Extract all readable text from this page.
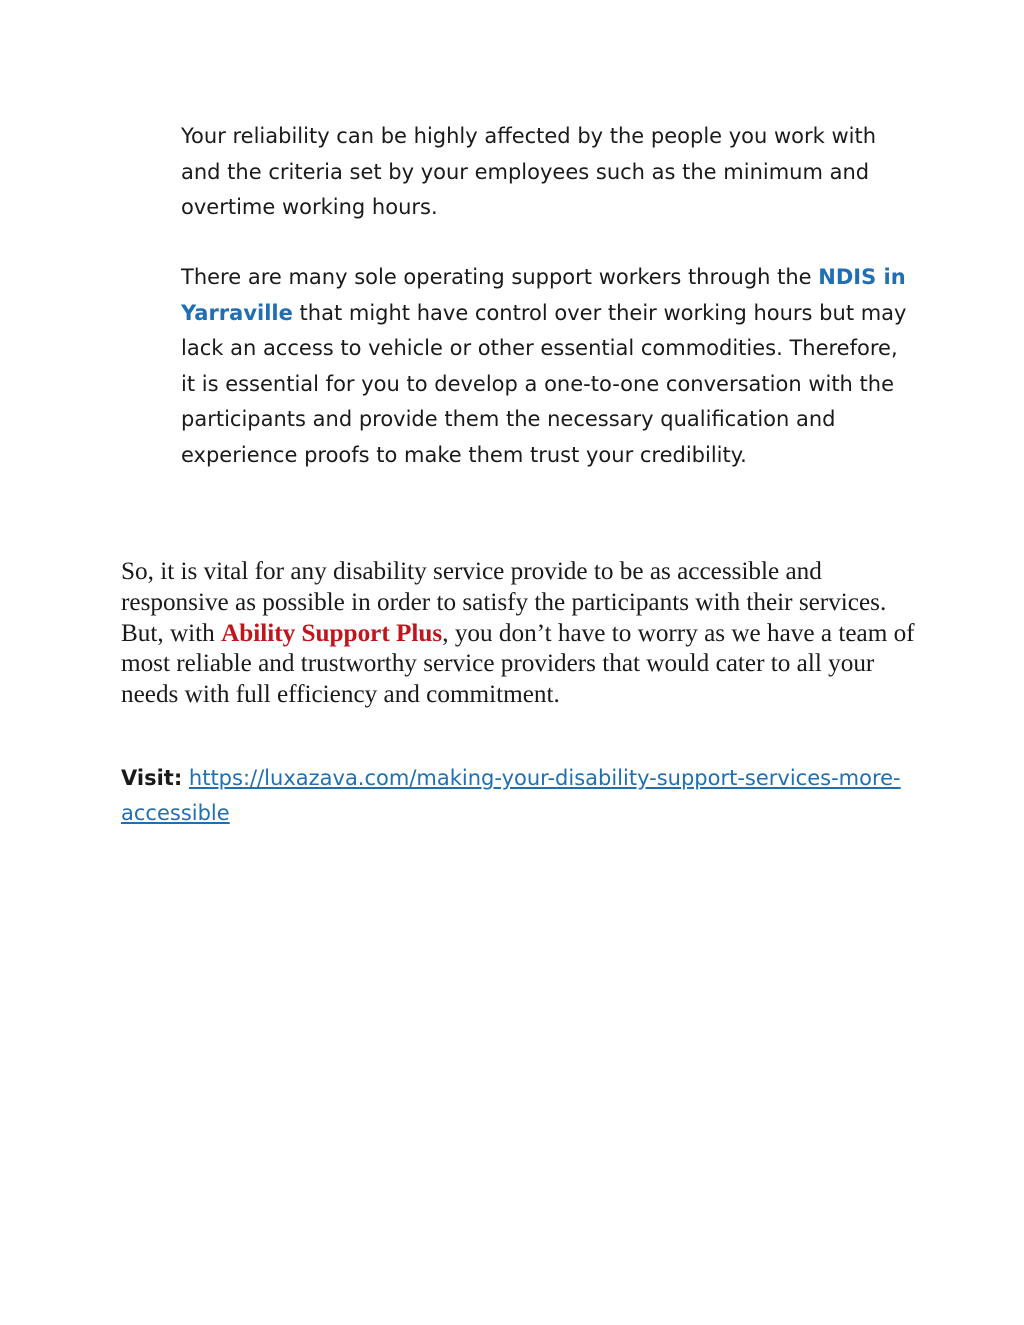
Your reliability can be highly affected by the people you work with and the criteria set by your employees such as the minimum and overtime working hours.

There are many sole operating support workers through the NDIS in Yarraville that might have control over their working hours but may lack an access to vehicle or other essential commodities. Therefore, it is essential for you to develop a one-to-one conversation with the participants and provide them the necessary qualification and experience proofs to make them trust your credibility.

So, it is vital for any disability service provide to be as accessible and responsive as possible in order to satisfy the participants with their services. But, with Ability Support Plus, you don’t have to worry as we have a team of most reliable and trustworthy service providers that would cater to all your needs with full efficiency and commitment.

Visit: https://luxazava.com/making-your-disability-support-services-more-accessible
